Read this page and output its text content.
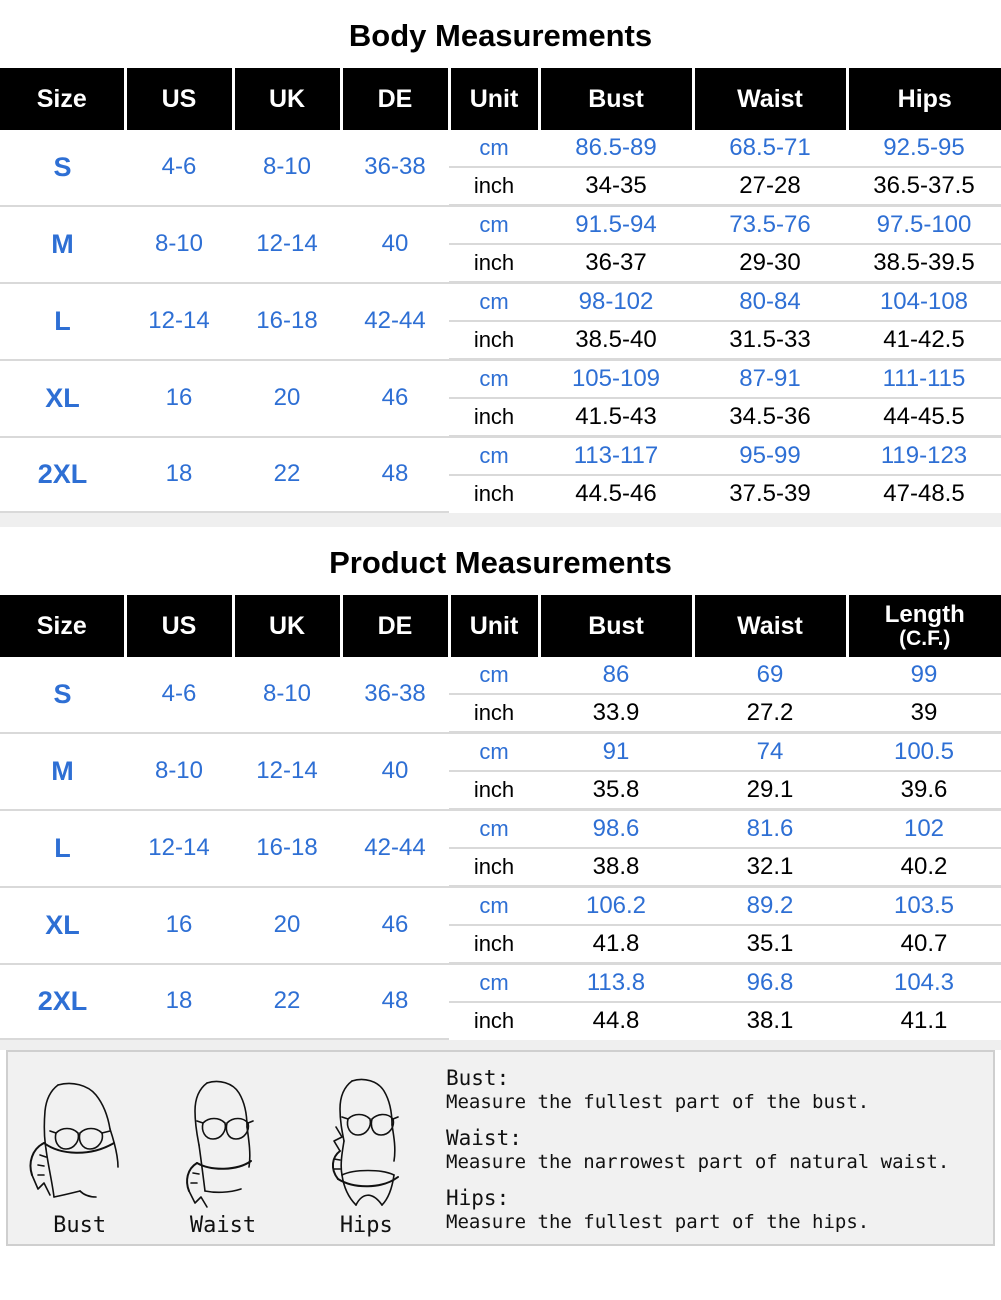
Body Measurements
Size	US	UK	DE	Unit	Bust	Waist	Hips
S	4-6	8-10	36-38	cm	86.5-89	68.5-71	92.5-95
				inch	34-35	27-28	36.5-37.5
M	8-10	12-14	40	cm	91.5-94	73.5-76	97.5-100
				inch	36-37	29-30	38.5-39.5
L	12-14	16-18	42-44	cm	98-102	80-84	104-108
				inch	38.5-40	31.5-33	41-42.5
XL	16	20	46	cm	105-109	87-91	111-115
				inch	41.5-43	34.5-36	44-45.5
2XL	18	22	48	cm	113-117	95-99	119-123
				inch	44.5-46	37.5-39	47-48.5
Product Measurements
Size	US	UK	DE	Unit	Bust	Waist	Length
(C.F.)

S	4-6	8-10	36-38	cm	86	69	99
				inch	33.9	27.2	39
M	8-10	12-14	40	cm	91	74	100.5
				inch	35.8	29.1	39.6
L	12-14	16-18	42-44	cm	98.6	81.6	102
				inch	38.8	32.1	40.2
XL	16	20	46	cm	106.2	89.2	103.5
				inch	41.8	35.1	40.7
2XL	18	22	48	cm	113.8	96.8	104.3
				inch	44.8	38.1	41.1
Bust	Waist	Hips
Bust:
Measure the fullest part of the bust.
Waist:
Measure the narrowest part of natural waist.
Hips:
Measure the fullest part of the hips.
